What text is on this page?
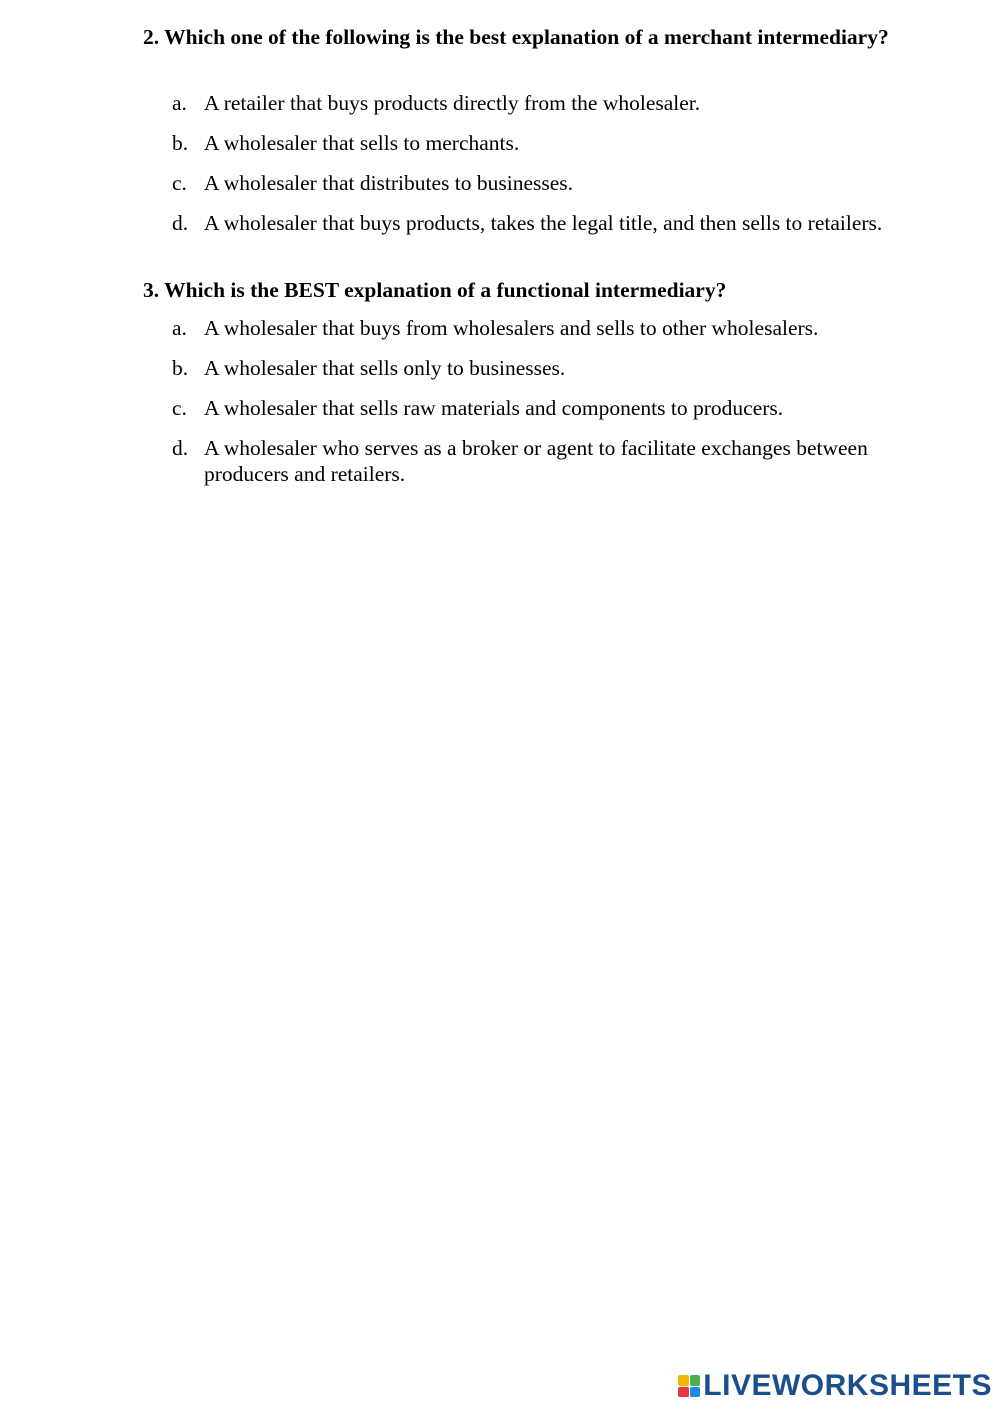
2. Which one of the following is the best explanation of a merchant intermediary?
a. A retailer that buys products directly from the wholesaler.
b. A wholesaler that sells to merchants.
c. A wholesaler that distributes to businesses.
d. A wholesaler that buys products, takes the legal title, and then sells to retailers.
3. Which is the BEST explanation of a functional intermediary?
a. A wholesaler that buys from wholesalers and sells to other wholesalers.
b. A wholesaler that sells only to businesses.
c. A wholesaler that sells raw materials and components to producers.
d. A wholesaler who serves as a broker or agent to facilitate exchanges between producers and retailers.
LIVEWORKSHEETS
